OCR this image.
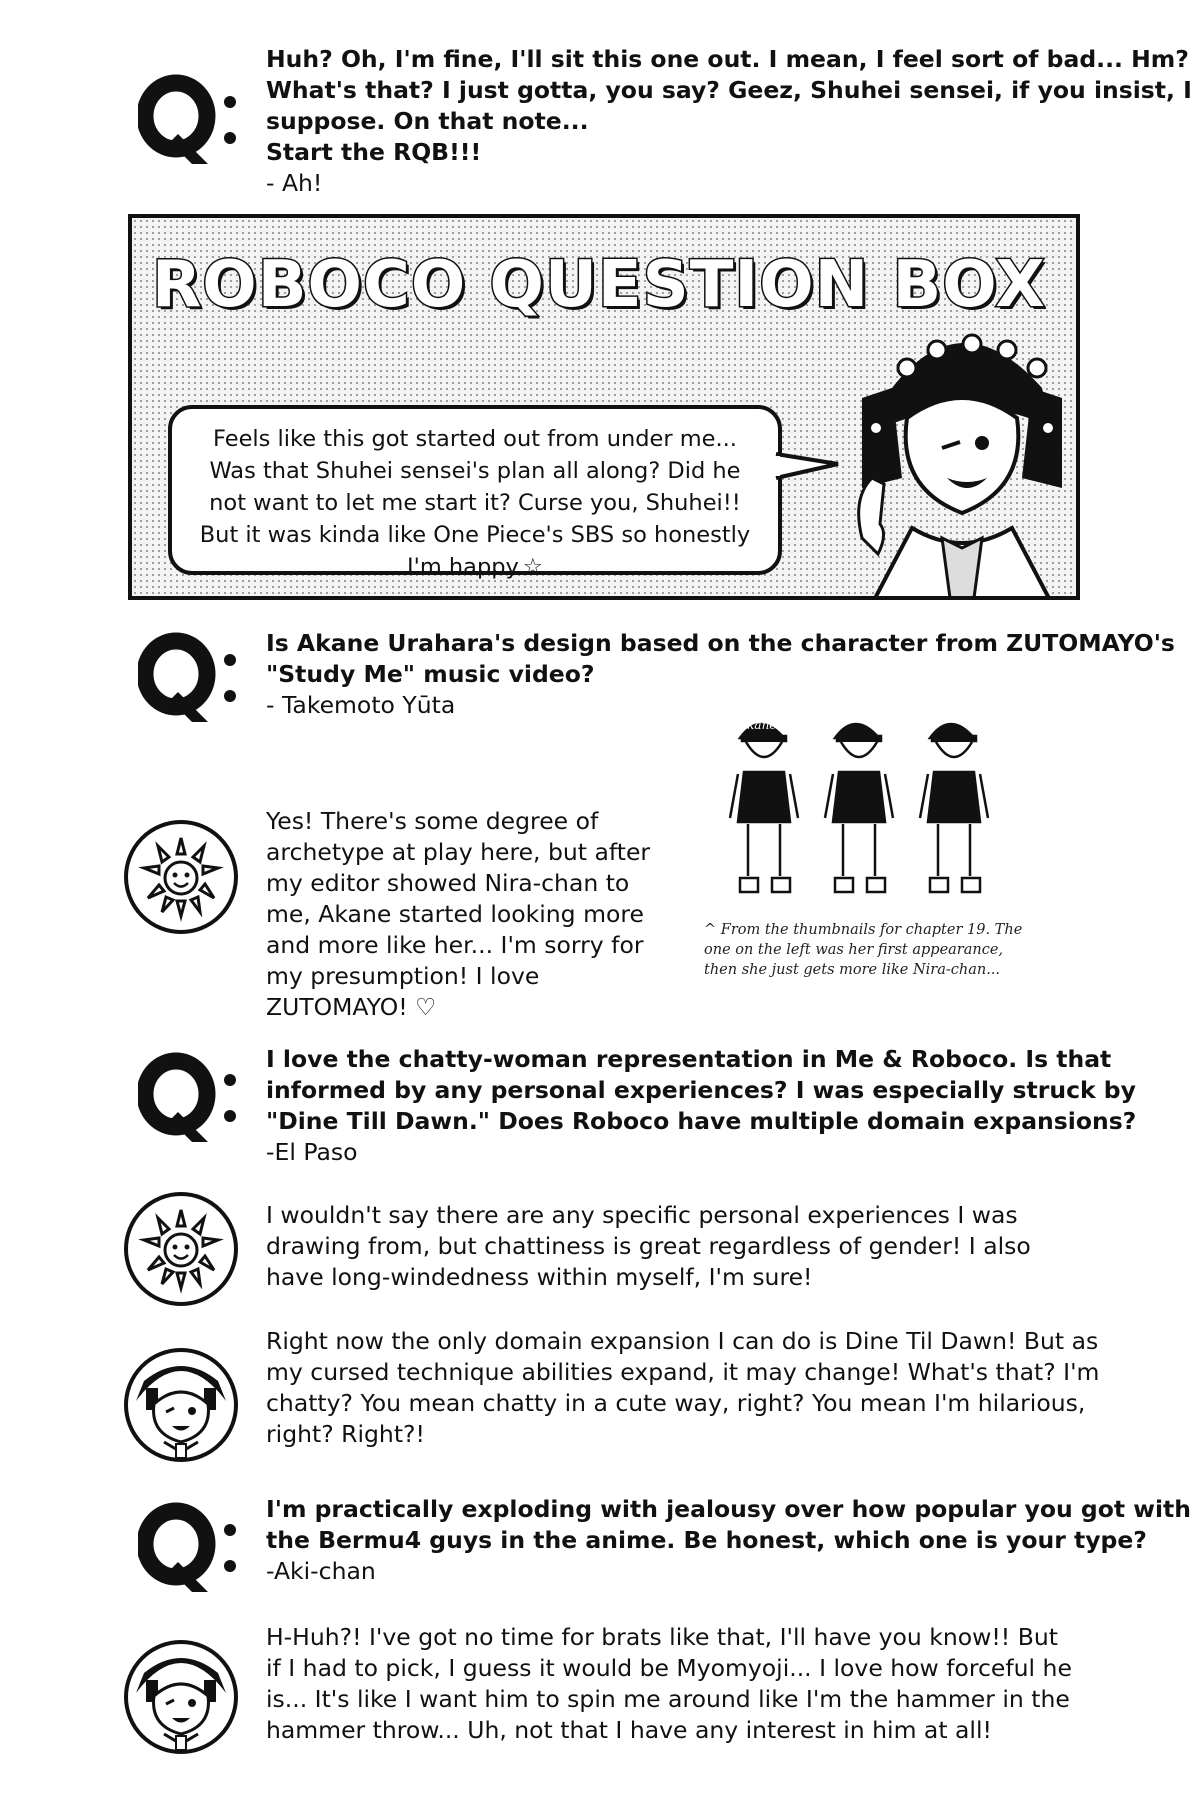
Huh? Oh, I'm fine, I'll sit this one out. I mean, I feel sort of bad... Hm?
What's that? I just gotta, you say? Geez, Shuhei sensei, if you insist, I
suppose. On that note...
Start the RQB!!!
- Ah!
ROBOCO QUESTION BOX
Feels like this got started out from under me...
Was that Shuhei sensei's plan all along? Did he
not want to let me start it? Curse you, Shuhei!!
But it was kinda like One Piece's SBS so honestly
I'm happy.☆
Is Akane Urahara's design based on the character from ZUTOMAYO's
"Study Me" music video?
- Takemoto Yūta
Yes! There's some degree of
archetype at play here, but after
my editor showed Nira-chan to
me, Akane started looking more
and more like her... I'm sorry for
my presumption! I love
ZUTOMAYO! ♡
akane
^ From the thumbnails for chapter 19. The
one on the left was her first appearance,
then she just gets more like Nira-chan...
I love the chatty-woman representation in Me & Roboco. Is that
informed by any personal experiences? I was especially struck by
"Dine Till Dawn." Does Roboco have multiple domain expansions?
-El Paso
I wouldn't say there are any specific personal experiences I was
drawing from, but chattiness is great regardless of gender! I also
have long-windedness within myself, I'm sure!
Right now the only domain expansion I can do is Dine Til Dawn! But as
my cursed technique abilities expand, it may change! What's that? I'm
chatty? You mean chatty in a cute way, right? You mean I'm hilarious,
right? Right?!
I'm practically exploding with jealousy over how popular you got with
the Bermu4 guys in the anime. Be honest, which one is your type?
-Aki-chan
H-Huh?! I've got no time for brats like that, I'll have you know!! But
if I had to pick, I guess it would be Myomyoji... I love how forceful he
is... It's like I want him to spin me around like I'm the hammer in the
hammer throw... Uh, not that I have any interest in him at all!
